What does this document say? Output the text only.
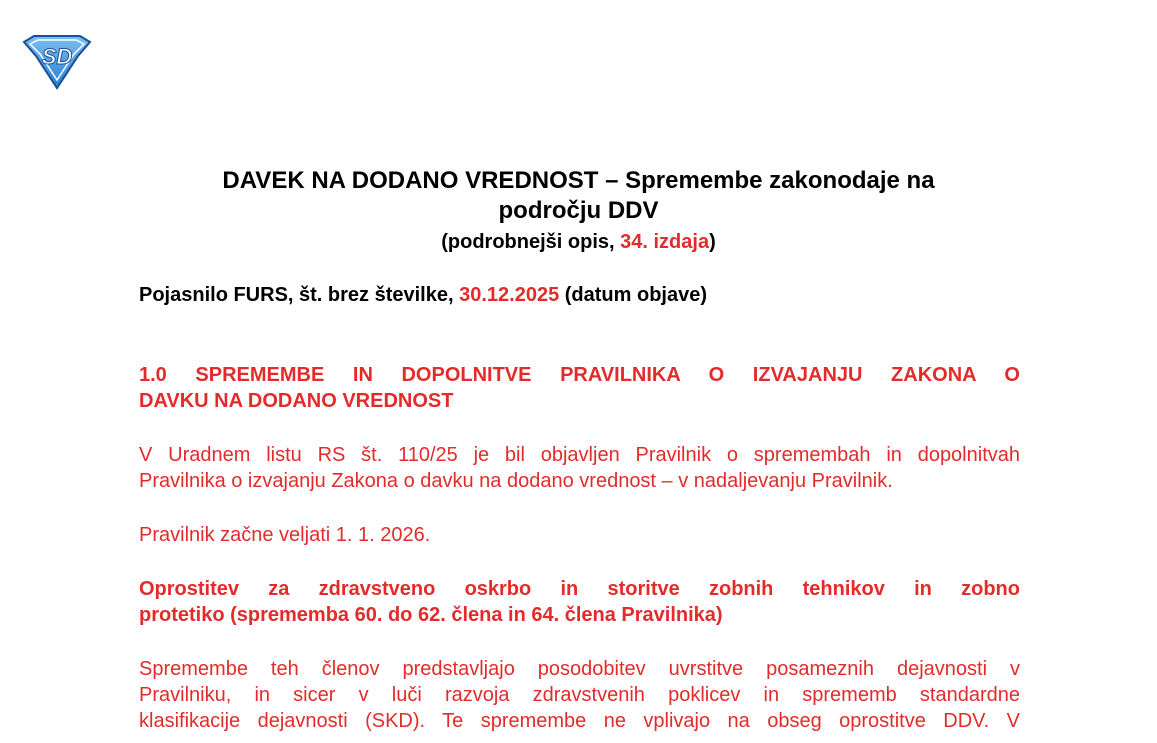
SD
DAVEK NA DODANO VREDNOST – Spremembe zakonodaje na
področju DDV
(podrobnejši opis, 34. izdaja)
Pojasnilo FURS, št. brez številke, 30.12.2025 (datum objave)
1.0 SPREMEMBE IN DOPOLNITVE PRAVILNIKA O IZVAJANJU ZAKONA O
DAVKU NA DODANO VREDNOST
V Uradnem listu RS št. 110/25 je bil objavljen Pravilnik o spremembah in dopolnitvah
Pravilnika o izvajanju Zakona o davku na dodano vrednost – v nadaljevanju Pravilnik.
Pravilnik začne veljati 1. 1. 2026.
Oprostitev za zdravstveno oskrbo in storitve zobnih tehnikov in zobno
protetiko (sprememba 60. do 62. člena in 64. člena Pravilnika)
Spremembe teh členov predstavljajo posodobitev uvrstitve posameznih dejavnosti v
Pravilniku, in sicer v luči razvoja zdravstvenih poklicev in sprememb standardne
klasifikacije dejavnosti (SKD). Te spremembe ne vplivajo na obseg oprostitve DDV. V
